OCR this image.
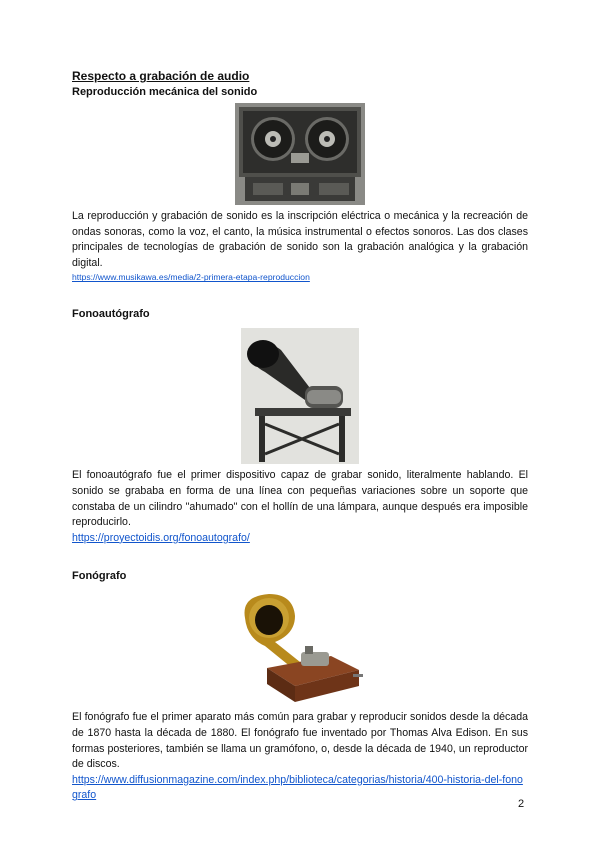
Respecto a grabación de audio

Reproducción mecánica del sonido

La reproducción y grabación de sonido es la inscripción eléctrica o mecánica y la recreación de ondas sonoras, como la voz, el canto, la música instrumental o efectos sonoros. Las dos clases principales de tecnologías de grabación de sonido son la grabación analógica y la grabación digital.

https://www.musikawa.es/media/2-primera-etapa-reproduccion

Fonoautógrafo

El fonoautógrafo fue el primer dispositivo capaz de grabar sonido, literalmente hablando. El sonido se grababa en forma de una línea con pequeñas variaciones sobre un soporte que constaba de un cilindro "ahumado" con el hollín de una lámpara, aunque después era imposible reproducirlo.

https://proyectoidis.org/fonoautografo/

Fonógrafo

El fonógrafo fue el primer aparato más común para grabar y reproducir sonidos desde la década de 1870 hasta la década de 1880. El fonógrafo fue inventado por Thomas Alva Edison. En sus formas posteriores, también se llama un gramófono, o, desde la década de 1940, un reproductor de discos.

https://www.diffusionmagazine.com/index.php/biblioteca/categorias/historia/400-historia-del-fonografo
2
